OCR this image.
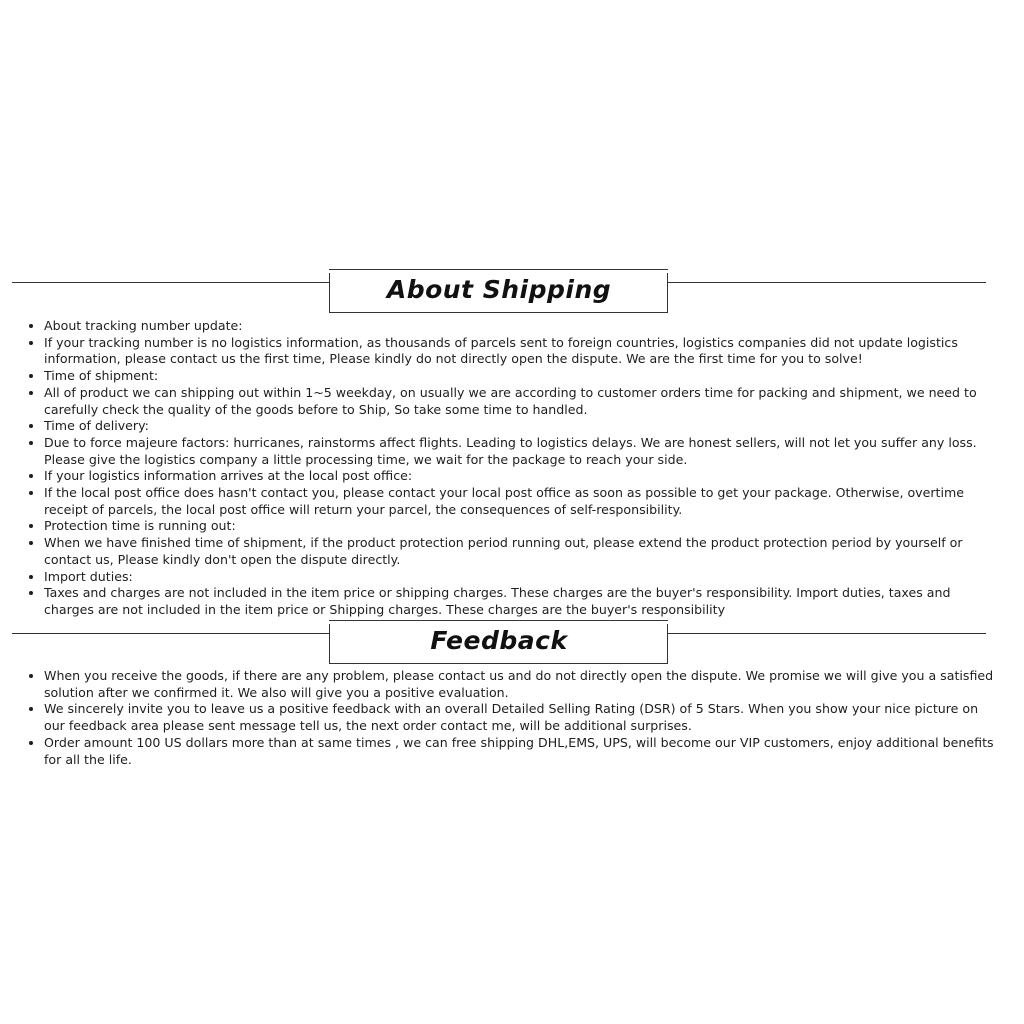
About Shipping
• About tracking number update:
• If your tracking number is no logistics information, as thousands of parcels sent to foreign countries, logistics companies did not update logistics information, please contact us the first time, Please kindly do not directly open the dispute. We are the first time for you to solve!
• Time of shipment:
• All of product we can shipping out within 1~5 weekday, on usually we are according to customer orders time for packing and shipment, we need to carefully check the quality of the goods before to Ship, So take some time to handled.
• Time of delivery:
• Due to force majeure factors: hurricanes, rainstorms affect flights. Leading to logistics delays. We are honest sellers, will not let you suffer any loss. Please give the logistics company a little processing time, we wait for the package to reach your side.
• If your logistics information arrives at the local post office:
• If the local post office does hasn't contact you, please contact your local post office as soon as possible to get your package. Otherwise, overtime receipt of parcels, the local post office will return your parcel, the consequences of self-responsibility.
• Protection time is running out:
• When we have finished time of shipment, if the product protection period running out, please extend the product protection period by yourself or contact us, Please kindly don't open the dispute directly.
• Import duties:
• Taxes and charges are not included in the item price or shipping charges. These charges are the buyer's responsibility. Import duties, taxes and charges are not included in the item price or Shipping charges. These charges are the buyer's responsibility
Feedback
• When you receive the goods, if there are any problem, please contact us and do not directly open the dispute. We promise we will give you a satisfied solution after we confirmed it. We also will give you a positive evaluation.
• We sincerely invite you to leave us a positive feedback with an overall Detailed Selling Rating (DSR) of 5 Stars. When you show your nice picture on our feedback area please sent message tell us, the next order contact me, will be additional surprises.
• Order amount 100 US dollars more than at same times , we can free shipping DHL,EMS, UPS, will become our VIP customers, enjoy additional benefits for all the life.
